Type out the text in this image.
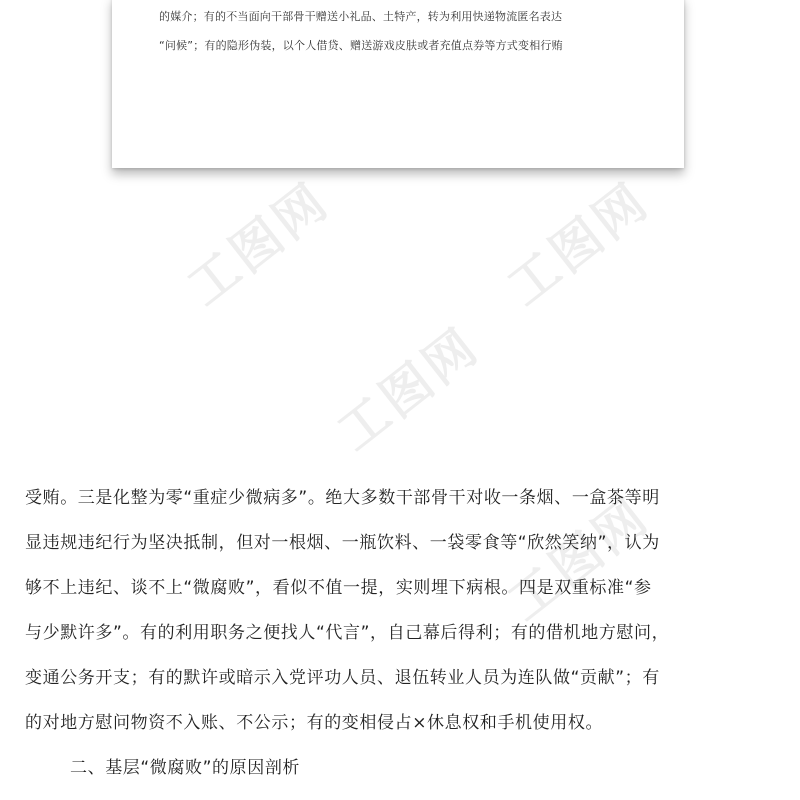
的媒介；有的不当面向干部骨干赠送小礼品、土特产，转为利用快递物流匿名表达
“问候”；有的隐形伪装，以个人借贷、赠送游戏皮肤或者充值点券等方式变相行贿
工图网	工图网
工图网
工图网
受贿。三是化整为零“重症少微病多”。绝大多数干部骨干对收一条烟、一盒茶等明
显违规违纪行为坚决抵制，但对一根烟、一瓶饮料、一袋零食等“欣然笑纳”，认为
够不上违纪、谈不上“微腐败”，看似不值一提，实则埋下病根。四是双重标准“参
与少默许多”。有的利用职务之便找人“代言”，自己幕后得利；有的借机地方慰问，
变通公务开支；有的默许或暗示入党评功人员、退伍转业人员为连队做“贡献”；有
的对地方慰问物资不入账、不公示；有的变相侵占×休息权和手机使用权。
二、基层“微腐败”的原因剖析
